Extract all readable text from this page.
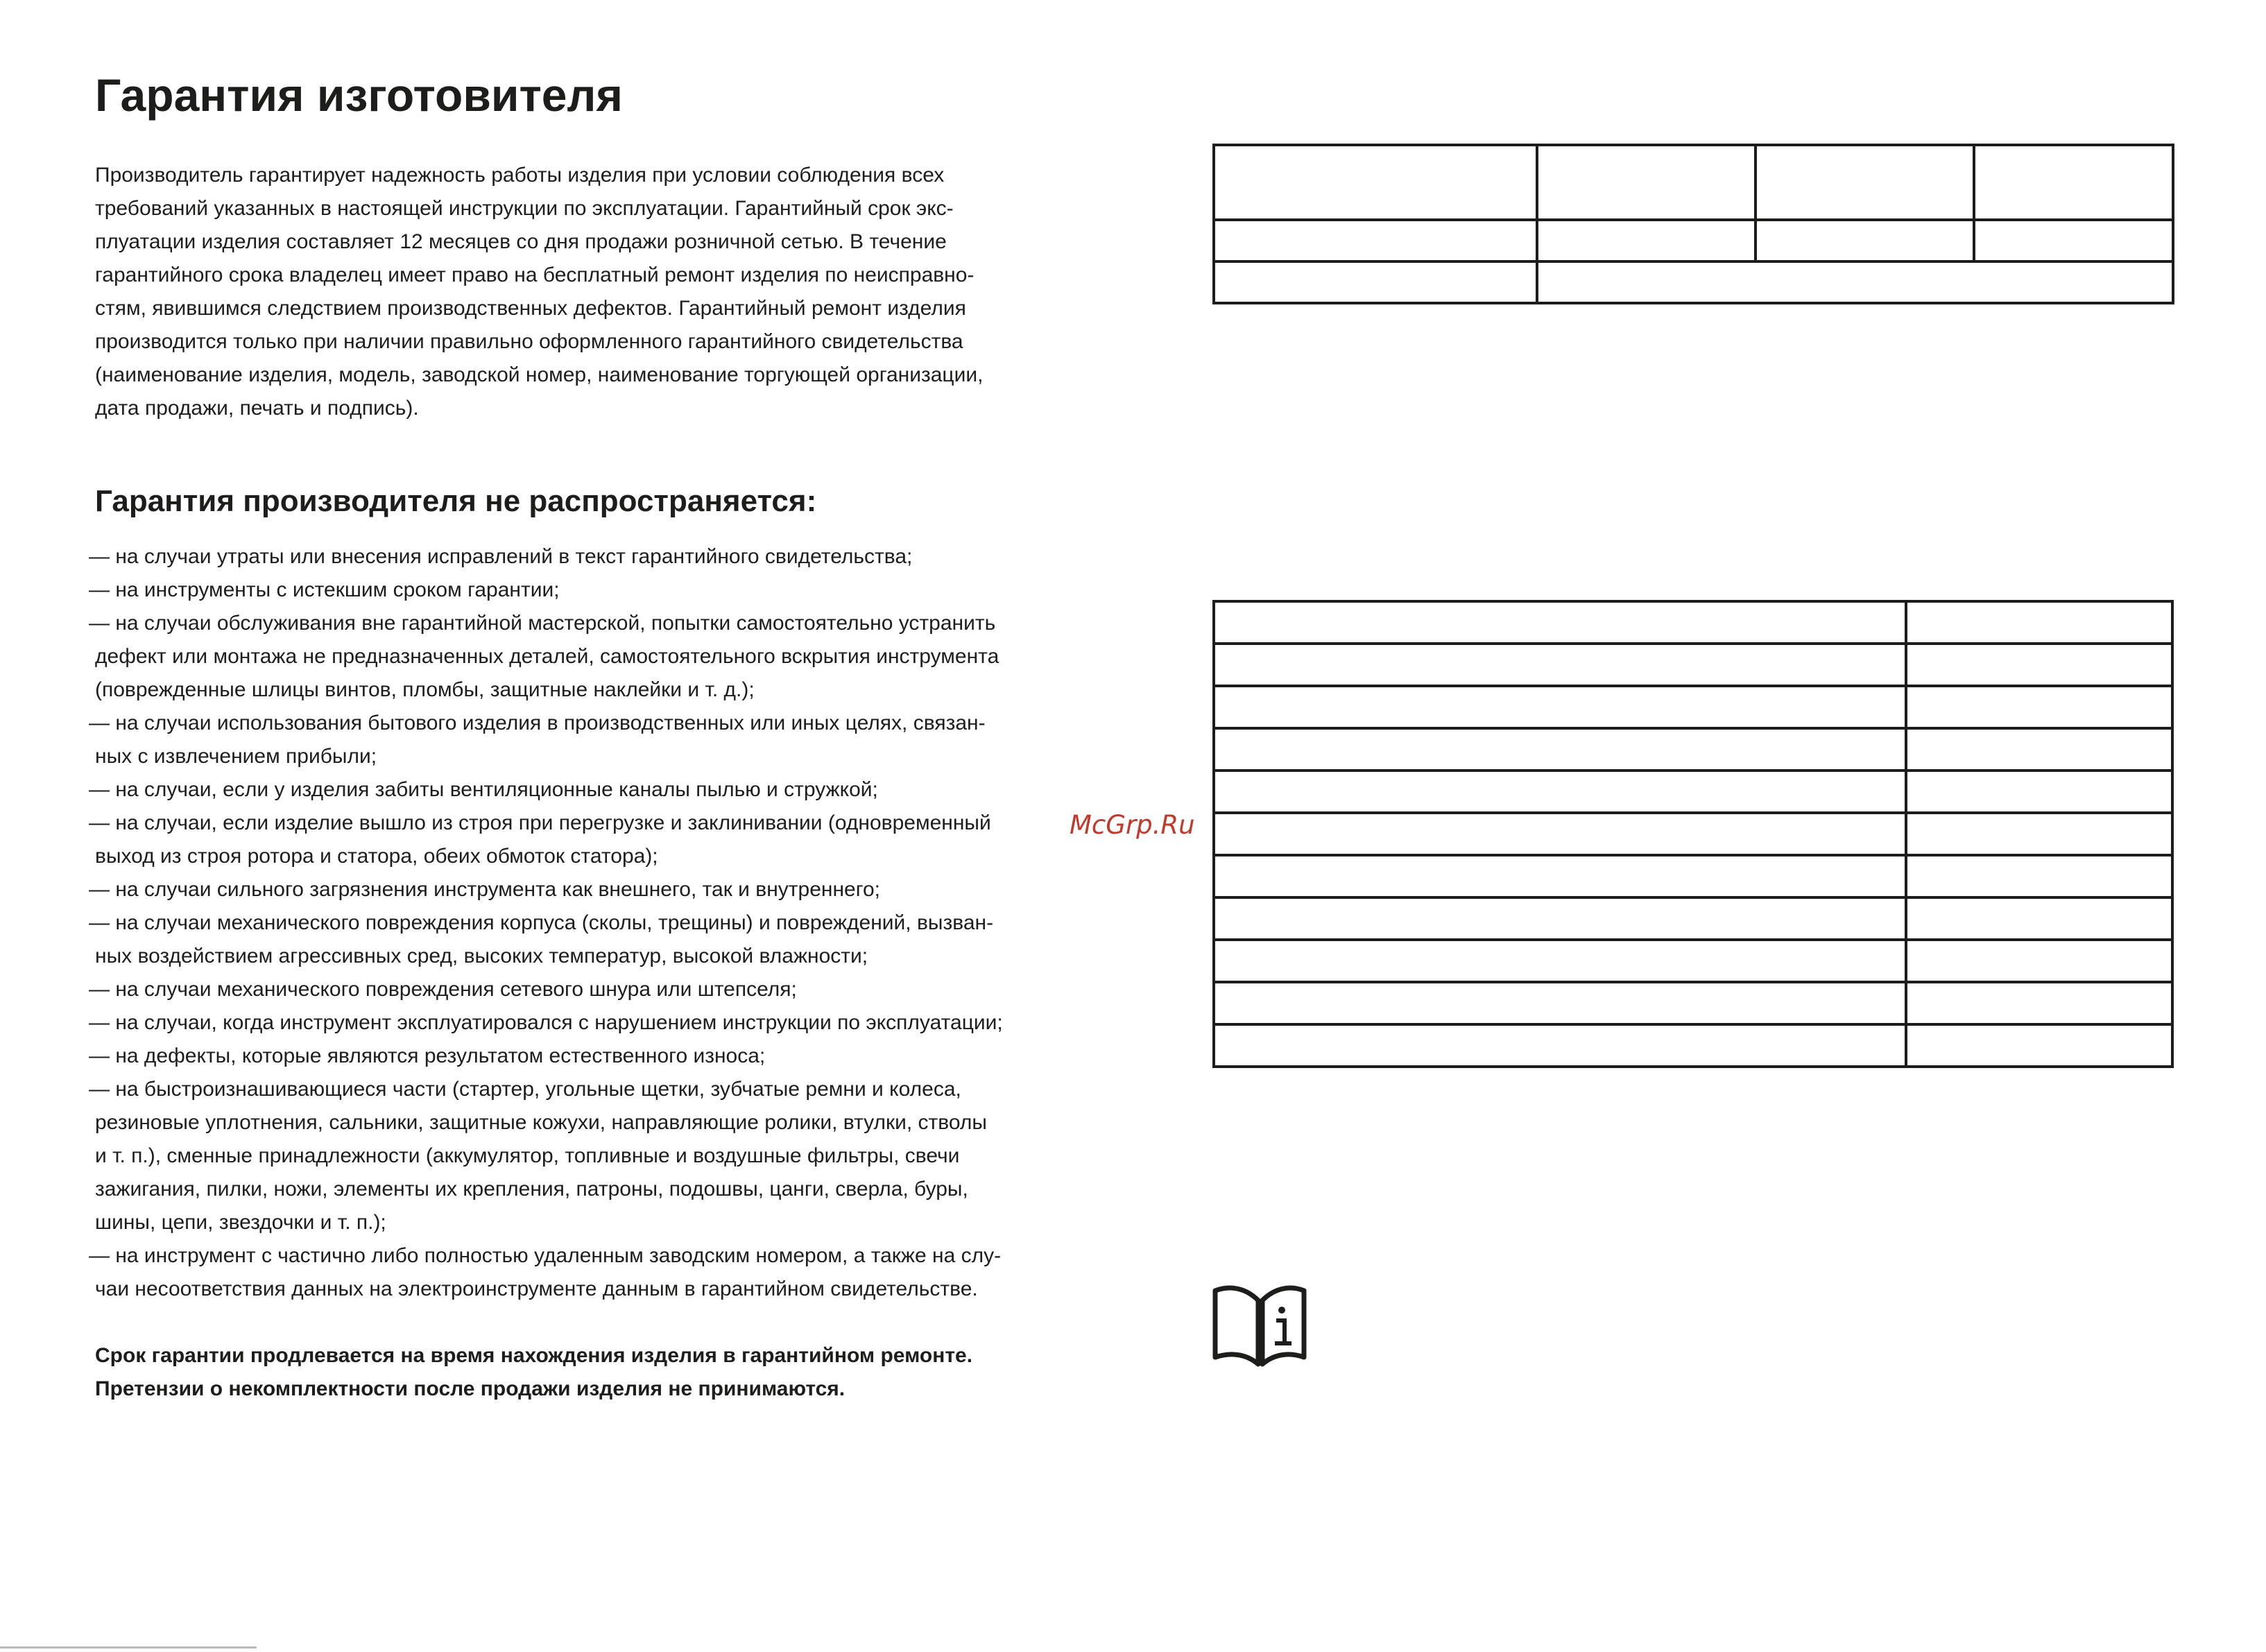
Гарантия изготовителя
Производитель гарантирует надежность работы изделия при условии соблюдения всех
требований указанных в настоящей инструкции по эксплуатации. Гарантийный срок экс-
плуатации изделия составляет 12 месяцев со дня продажи розничной сетью. В течение
гарантийного срока владелец имеет право на бесплатный ремонт изделия по неисправно-
стям, явившимся следствием производственных дефектов. Гарантийный ремонт изделия
производится только при наличии правильно оформленного гарантийного свидетельства
(наименование изделия, модель, заводской номер, наименование торгующей организации,
дата продажи, печать и подпись).
Гарантия производителя не распространяется:
— на случаи утраты или внесения исправлений в текст гарантийного свидетельства;
— на инструменты с истекшим сроком гарантии;
— на случаи обслуживания вне гарантийной мастерской, попытки самостоятельно устранить
дефект или монтажа не предназначенных деталей, самостоятельного вскрытия инструмента
(поврежденные шлицы винтов, пломбы, защитные наклейки и т. д.);
— на случаи использования бытового изделия в производственных или иных целях, связан-
ных с извлечением прибыли;
— на случаи, если у изделия забиты вентиляционные каналы пылью и стружкой;
— на случаи, если изделие вышло из строя при перегрузке и заклинивании (одновременный
выход из строя ротора и статора, обеих обмоток статора);
— на случаи сильного загрязнения инструмента как внешнего, так и внутреннего;
— на случаи механического повреждения корпуса (сколы, трещины) и повреждений, вызван-
ных воздействием агрессивных сред, высоких температур, высокой влажности;
— на случаи механического повреждения сетевого шнура или штепселя;
— на случаи, когда инструмент эксплуатировался с нарушением инструкции по эксплуатации;
— на дефекты, которые являются результатом естественного износа;
— на быстроизнашивающиеся части (стартер, угольные щетки, зубчатые ремни и колеса,
резиновые уплотнения, сальники, защитные кожухи, направляющие ролики, втулки, стволы
и т. п.), сменные принадлежности (аккумулятор, топливные и воздушные фильтры, свечи
зажигания, пилки, ножи, элементы их крепления, патроны, подошвы, цанги, сверла, буры,
шины, цепи, звездочки и т. п.);
— на инструмент с частично либо полностью удаленным заводским номером, а также на слу-
чаи несоответствия данных на электроинструменте данным в гарантийном свидетельстве.
Срок гарантии продлевается на время нахождения изделия в гарантийном ремонте.
Претензии о некомплектности после продажи изделия не принимаются.
McGrp.Ru
